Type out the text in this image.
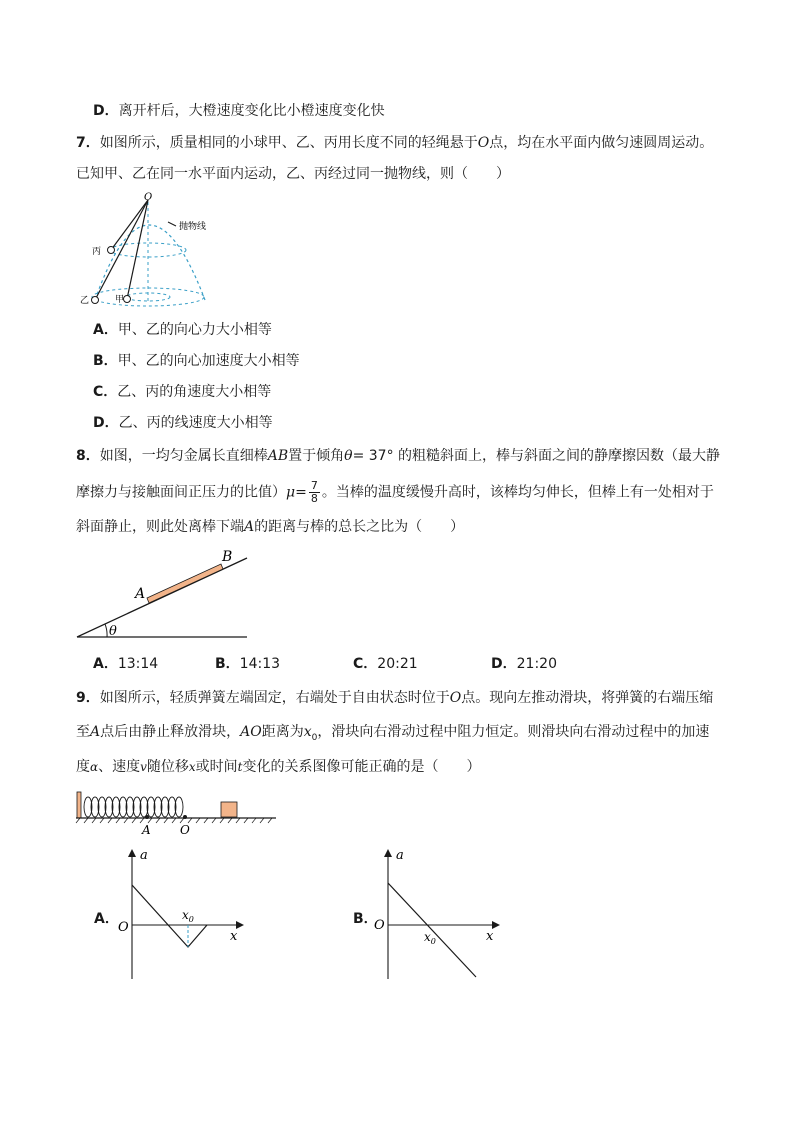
D．离开杆后，大橙速度变化比小橙速度变化快
7．如图所示，质量相同的小球甲、乙、丙用长度不同的轻绳悬于O点，均在水平面内做匀速圆周运动。
已知甲、乙在同一水平面内运动，乙、丙经过同一抛物线，则（　　）
O
抛物线
丙
乙	甲
A．甲、乙的向心力大小相等
B．甲、乙的向心加速度大小相等
C．乙、丙的角速度大小相等
D．乙、丙的线速度大小相等
8．如图，一均匀金属长直细棒AB置于倾角θ= 37° 的粗糙斜面上，棒与斜面之间的静摩擦因数（最大静
摩擦力与接触面间正压力的比值）$\mu= \frac{7}{8}$ 。当棒的温度缓慢升高时，该棒均匀伸长，但棒上有一处相对于
斜面静止，则此处离棒下端A的距离与棒的总长之比为（　　）
A
B
θ
A．13:14	B．14:13	C．20:21	D．21:20
9．如图所示，轻质弹簧左端固定，右端处于自由状态时位于O点。现向左推动滑块，将弹簧的右端压缩
至A点后由静止释放滑块，AO距离为$x_0$，滑块向右滑动过程中阻力恒定。则滑块向右滑动过程中的加速
度α、速度v随位移x或时间t变化的关系图像可能正确的是（　　）
A O
A．
a
x
O
$x_0$	B．
a
x
O
$x_0$
